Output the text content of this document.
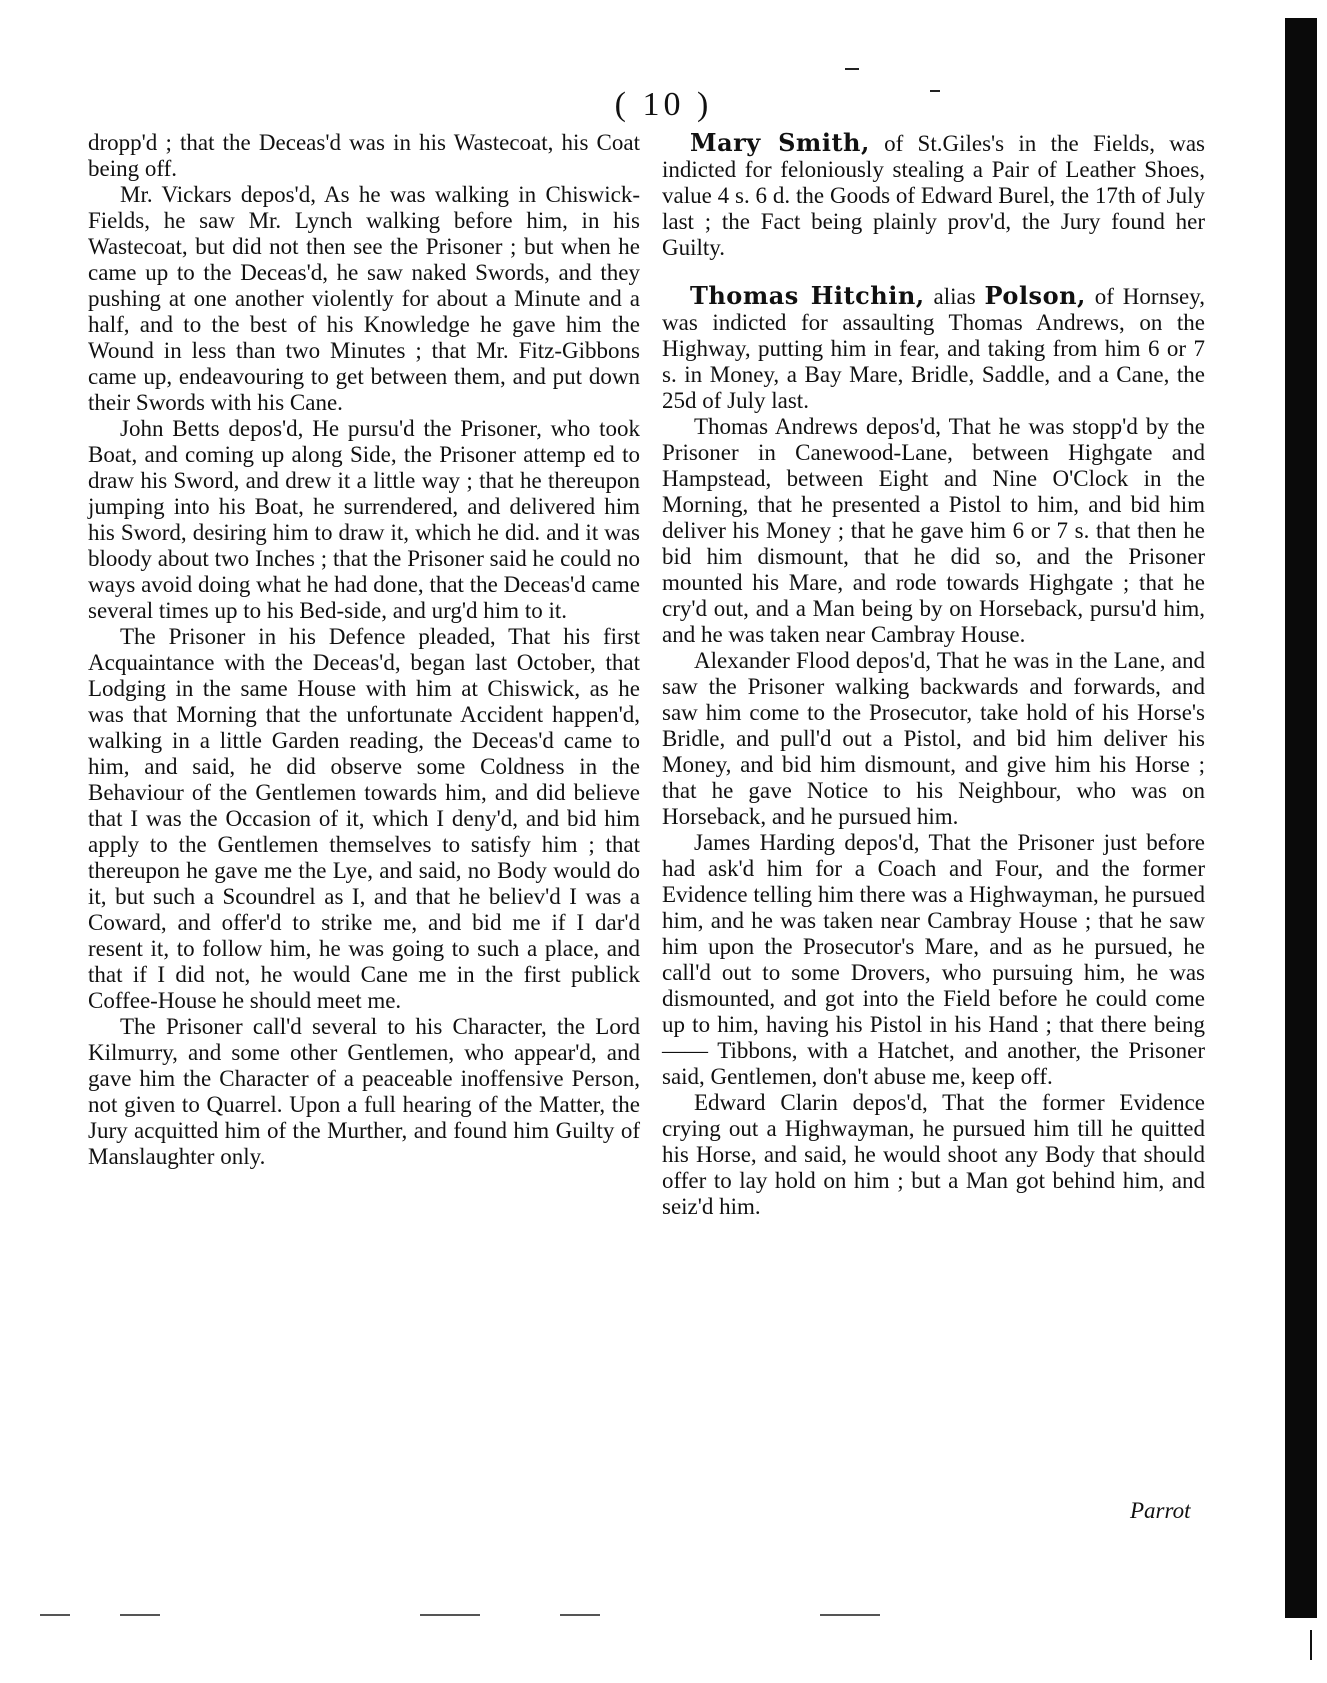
( 10 )

dropp'd ; that the Deceas'd was in his Wastecoat, his Coat being off.

Mr. Vickars depos'd, As he was walking in Chiswick-Fields, he saw Mr. Lynch walking before him, in his Wastecoat, but did not then see the Prisoner ; but when he came up to the Deceas'd, he saw naked Swords, and they pushing at one another violently for about a Minute and a half, and to the best of his Knowledge he gave him the Wound in less than two Minutes ; that Mr. Fitz-Gibbons came up, endeavouring to get between them, and put down their Swords with his Cane.

John Betts depos'd, He pursu'd the Prisoner, who took Boat, and coming up along Side, the Prisoner attemp ed to draw his Sword, and drew it a little way ; that he thereupon jumping into his Boat, he surrendered, and delivered him his Sword, desiring him to draw it, which he did. and it was bloody about two Inches ; that the Prisoner said he could no ways avoid doing what he had done, that the Deceas'd came several times up to his Bed-side, and urg'd him to it.

The Prisoner in his Defence pleaded, That his first Acquaintance with the Deceas'd, began last October, that Lodging in the same House with him at Chiswick, as he was that Morning that the unfortunate Accident happen'd, walking in a little Garden reading, the Deceas'd came to him, and said, he did observe some Coldness in the Behaviour of the Gentlemen towards him, and did believe that I was the Occasion of it, which I deny'd, and bid him apply to the Gentlemen themselves to satisfy him ; that thereupon he gave me the Lye, and said, no Body would do it, but such a Scoundrel as I, and that he believ'd I was a Coward, and offer'd to strike me, and bid me if I dar'd resent it, to follow him, he was going to such a place, and that if I did not, he would Cane me in the first publick Coffee-House he should meet me.

The Prisoner call'd several to his Character, the Lord Kilmurry, and some other Gentlemen, who appear'd, and gave him the Character of a peaceable inoffensive Person, not given to Quarrel. Upon a full hearing of the Matter, the Jury acquitted him of the Murther, and found him Guilty of Manslaughter only.

Mary Smith, of St.Giles's in the Fields, was indicted for feloniously stealing a Pair of Leather Shoes, value 4 s. 6 d. the Goods of Edward Burel, the 17th of July last ; the Fact being plainly prov'd, the Jury found her Guilty.

Thomas Hitchin, alias Polson, of Hornsey, was indicted for assaulting Thomas Andrews, on the Highway, putting him in fear, and taking from him 6 or 7 s. in Money, a Bay Mare, Bridle, Saddle, and a Cane, the 25d of July last.

Thomas Andrews depos'd, That he was stopp'd by the Prisoner in Canewood-Lane, between Highgate and Hampstead, between Eight and Nine O'Clock in the Morning, that he presented a Pistol to him, and bid him deliver his Money ; that he gave him 6 or 7 s. that then he bid him dismount, that he did so, and the Prisoner mounted his Mare, and rode towards Highgate ; that he cry'd out, and a Man being by on Horseback, pursu'd him, and he was taken near Cambray House.

Alexander Flood depos'd, That he was in the Lane, and saw the Prisoner walking backwards and forwards, and saw him come to the Prosecutor, take hold of his Horse's Bridle, and pull'd out a Pistol, and bid him deliver his Money, and bid him dismount, and give him his Horse ; that he gave Notice to his Neighbour, who was on Horseback, and he pursued him.

James Harding depos'd, That the Prisoner just before had ask'd him for a Coach and Four, and the former Evidence telling him there was a Highwayman, he pursued him, and he was taken near Cambray House ; that he saw him upon the Prosecutor's Mare, and as he pursued, he call'd out to some Drovers, who pursuing him, he was dismounted, and got into the Field before he could come up to him, having his Pistol in his Hand ; that there being —— Tibbons, with a Hatchet, and another, the Prisoner said, Gentlemen, don't abuse me, keep off.

Edward Clarin depos'd, That the former Evidence crying out a Highwayman, he pursued him till he quitted his Horse, and said, he would shoot any Body that should offer to lay hold on him ; but a Man got behind him, and seiz'd him.

Parrot
